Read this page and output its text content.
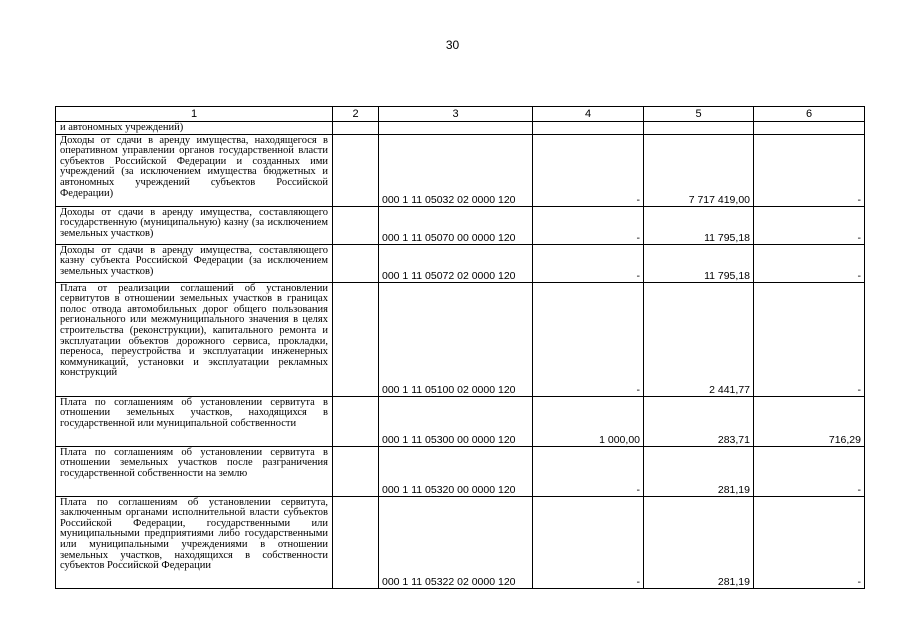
30
1	2	3	4	5	6
и автономных учреждений)					
Доходы от сдачи в аренду имущества, находящегося в оперативном управлении органов государственной власти субъектов Российской Федерации и созданных ими учреждений (за исключением имущества бюджетных и автономных учреждений субъектов Российской Федерации)		000 1 11 05032 02 0000 120	-	7 717 419,00	-
Доходы от сдачи в аренду имущества, составляющего государственную (муниципальную) казну (за исключением земельных участков)		000 1 11 05070 00 0000 120	-	11 795,18	-
Доходы от сдачи в аренду имущества, составляющего казну субъекта Российской Федерации (за исключением земельных участков)		000 1 11 05072 02 0000 120	-	11 795,18	-
Плата от реализации соглашений об установлении сервитутов в отношении земельных участков в границах полос отвода автомобильных дорог общего пользования регионального или межмуниципального значения в целях строительства (реконструкции), капитального ремонта и эксплуатации объектов дорожного сервиса, прокладки, переноса, переустройства и эксплуатации инженерных коммуникаций, установки и эксплуатации рекламных конструкций		000 1 11 05100 02 0000 120	-	2 441,77	-
Плата по соглашениям об установлении сервитута в отношении земельных участков, находящихся в государственной или муниципальной собственности		000 1 11 05300 00 0000 120	1 000,00	283,71	716,29
Плата по соглашениям об установлении сервитута в отношении земельных участков после разграничения государственной собственности на землю		000 1 11 05320 00 0000 120	-	281,19	-
Плата по соглашениям об установлении сервитута, заключенным органами исполнительной власти субъектов Российской Федерации, государственными или муниципальными предприятиями либо государственными или муниципальными учреждениями в отношении земельных участков, находящихся в собственности субъектов Российской Федерации		000 1 11 05322 02 0000 120	-	281,19	-
